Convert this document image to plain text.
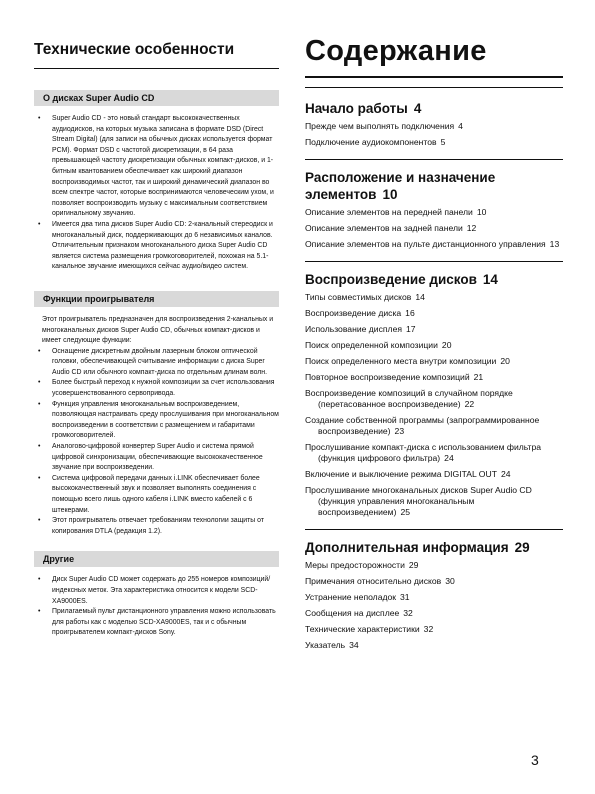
Технические особенности
О дисках Super Audio CD
• Super Audio CD - это новый стандарт высококачественных аудиодисков, на которых музыка записана в формате DSD (Direct Stream Digital) (для записи на обычных дисках используется формат PCM). Формат DSD с частотой дискретизации, в 64 раза превышающей частоту дискретизации обычных компакт-дисков, и 1-битным квантованием обеспечивает как широкий диапазон воспроизводимых частот, так и широкий динамический диапазон во всем спектре частот, которые воспринимаются человеческим ухом, и позволяет воспроизводить музыку с максимальным соответствием оригинальному звучанию.
• Имеется два типа дисков Super Audio CD: 2-канальный стереодиск и многоканальный диск, поддерживающих до 6 независимых каналов. Отличительным признаком многоканального диска Super Audio CD является система размещения громкоговорителей, похожая на 5.1-канальное звучание имеющихся сейчас аудио/видео систем.
Функции проигрывателя
Этот проигрыватель предназначен для воспроизведения 2-канальных и многоканальных дисков Super Audio CD, обычных компакт-дисков и имеет следующие функции:
• Оснащение дискретным двойным лазерным блоком оптической головки, обеспечивающей считывание информации с диска Super Audio CD или обычного компакт-диска по отдельным длинам волн.
• Более быстрый переход к нужной композиции за счет использования усовершенствованного сервопривода.
• Функция управления многоканальным воспроизведением, позволяющая настраивать среду прослушивания при многоканальном воспроизведении в соответствии с размещением и габаритами громкоговорителей.
• Аналогово-цифровой конвертер Super Audio и система прямой цифровой синхронизации, обеспечивающие высококачественное звучание при воспроизведении.
• Система цифровой передачи данных i.LINK обеспечивает более высококачественный звук и позволяет выполнять соединения с помощью всего лишь одного кабеля i.LINK вместо кабелей с 6 штекерами.
• Этот проигрыватель отвечает требованиям технологии защиты от копирования DTLA (редакция 1.2).
Другие
• Диск Super Audio CD может содержать до 255 номеров композиций/индексных меток. Эта характеристика относится к модели SCD-XA9000ES.
• Прилагаемый пульт дистанционного управления можно использовать для работы как с моделью SCD-XA9000ES, так и с обычным проигрывателем компакт-дисков Sony.
Содержание
Начало работы 4
Прежде чем выполнять подключения 4
Подключение аудиокомпонентов 5
Расположение и назначение элементов 10
Описание элементов на передней панели 10
Описание элементов на задней панели 12
Описание элементов на пульте дистанционного управления 13
Воспроизведение дисков 14
Типы совместимых дисков 14
Воспроизведение диска 16
Использование дисплея 17
Поиск определенной композиции 20
Поиск определенного места внутри композиции 20
Повторное воспроизведение композиций 21
Воспроизведение композиций в случайном порядке (перетасованное воспроизведение) 22
Создание собственной программы (запрограммированное воспроизведение) 23
Прослушивание компакт-диска с использованием фильтра (функция цифрового фильтра) 24
Включение и выключение режима DIGITAL OUT 24
Прослушивание многоканальных дисков Super Audio CD (функция управления многоканальным воспроизведением) 25
Дополнительная информация 29
Меры предосторожности 29
Примечания относительно дисков 30
Устранение неполадок 31
Сообщения на дисплее 32
Технические характеристики 32
Указатель 34
3
